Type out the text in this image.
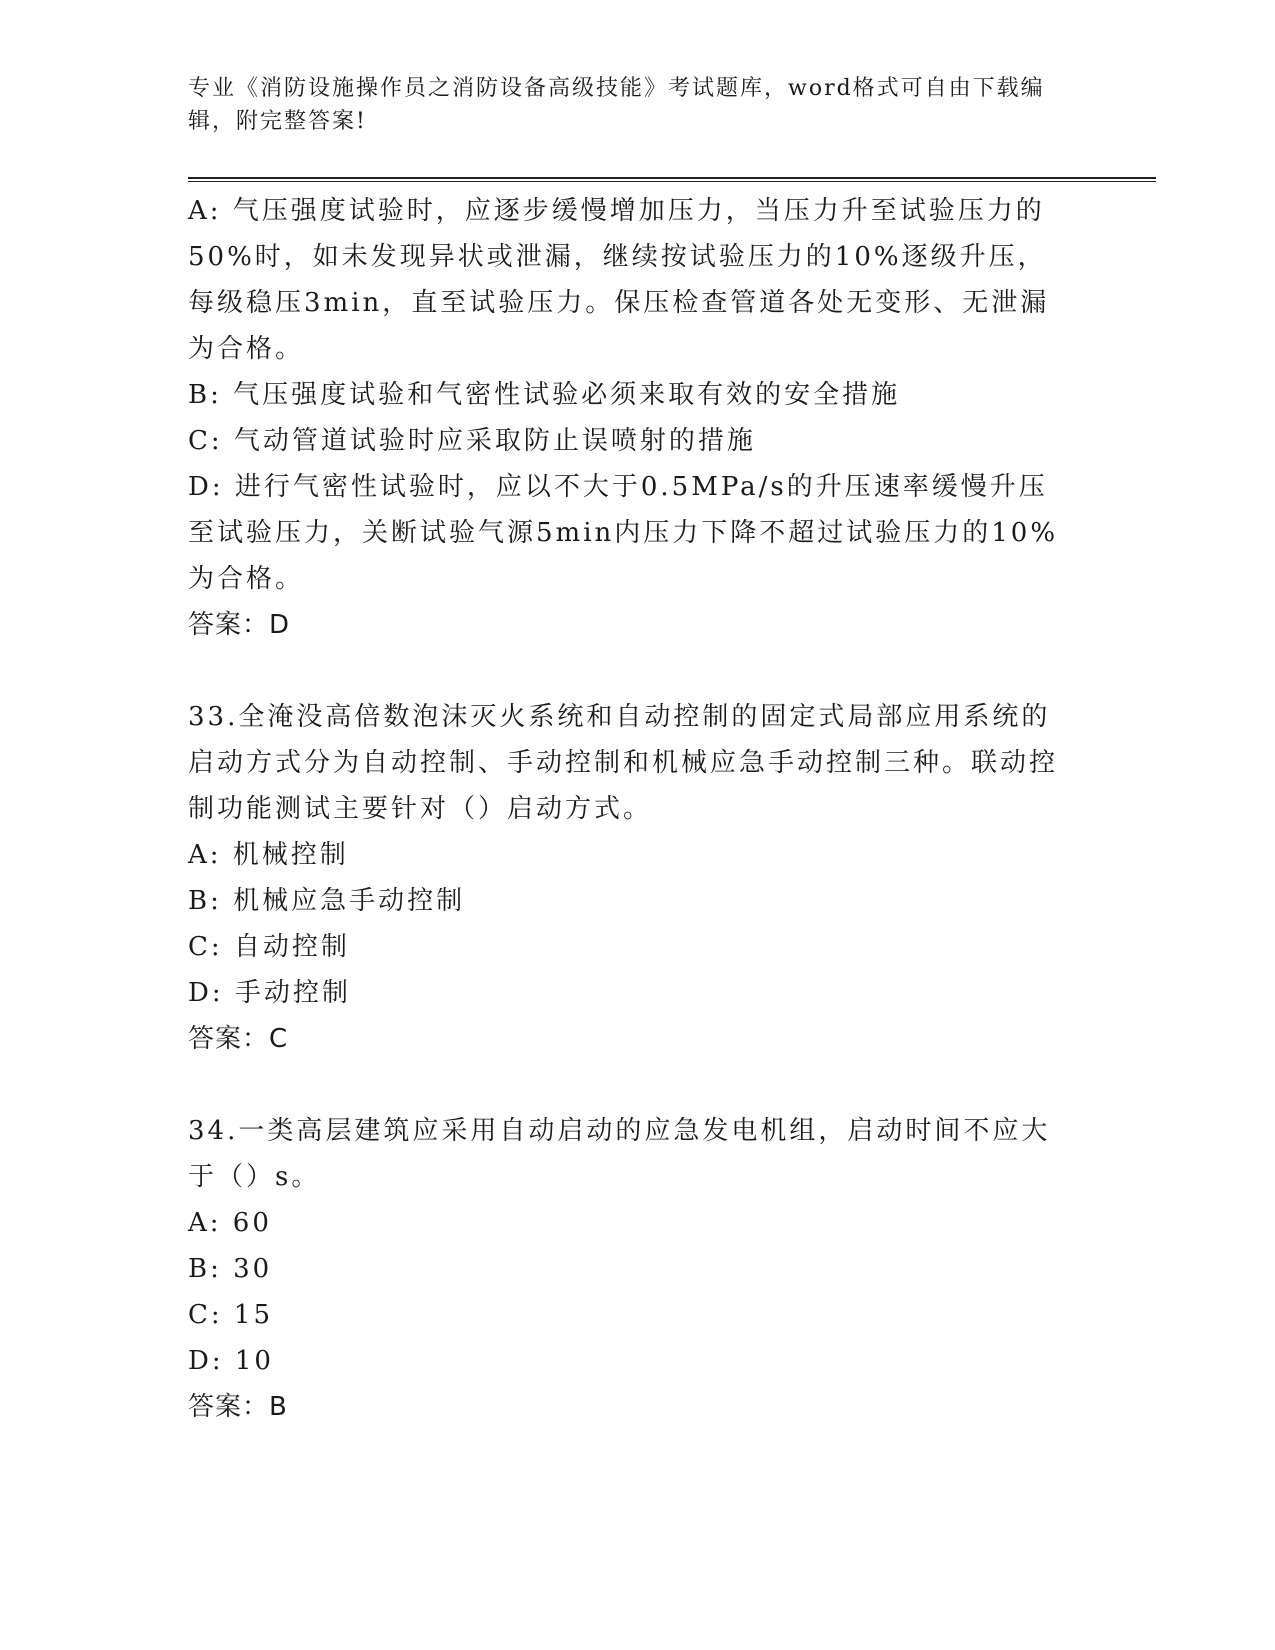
专业《消防设施操作员之消防设备高级技能》考试题库，word格式可自由下载编辑，附完整答案!

A: 气压强度试验时，应逐步缓慢增加压力，当压力升至试验压力的50%时，如未发现异状或泄漏，继续按试验压力的10%逐级升压，每级稳压3min，直至试验压力。保压检查管道各处无变形、无泄漏为合格。

B: 气压强度试验和气密性试验必须来取有效的安全措施

C: 气动管道试验时应采取防止误喷射的措施

D: 进行气密性试验时，应以不大于0.5MPa/s的升压速率缓慢升压至试验压力，关断试验气源5min内压力下降不超过试验压力的10%为合格。

答案：D

33.全淹没高倍数泡沫灭火系统和自动控制的固定式局部应用系统的启动方式分为自动控制、手动控制和机械应急手动控制三种。联动控制功能测试主要针对（）启动方式。

A: 机械控制

B: 机械应急手动控制

C: 自动控制

D: 手动控制

答案：C

34.一类高层建筑应采用自动启动的应急发电机组，启动时间不应大于（）s。

A: 60

B: 30

C: 15

D: 10

答案：B
